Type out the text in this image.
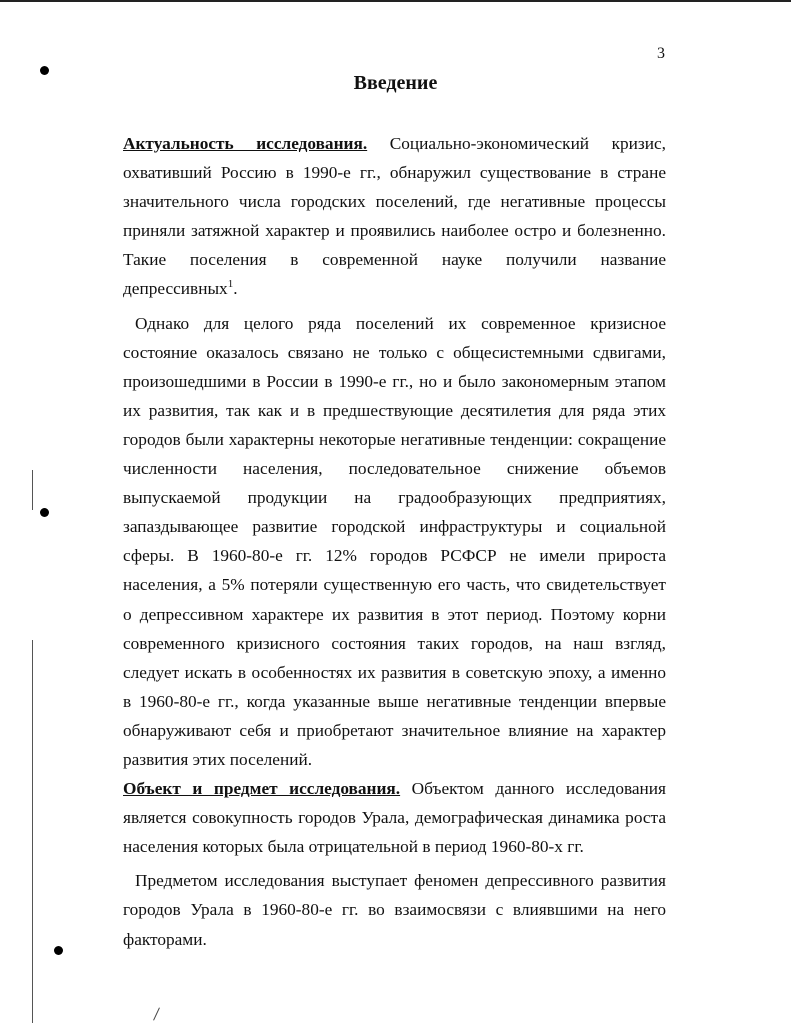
3
Введение

Актуальность исследования. Социально-экономический кризис, охвативший Россию в 1990-е гг., обнаружил существование в стране значительного числа городских поселений, где негативные процессы приняли затяжной характер и проявились наиболее остро и болезненно. Такие поселения в современной науке получили название депрессивных$^1$.

Однако для целого ряда поселений их современное кризисное состояние оказалось связано не только с общесистемными сдвигами, произошедшими в России в 1990-е гг., но и было закономерным этапом их развития, так как и в предшествующие десятилетия для ряда этих городов были характерны некоторые негативные тенденции: сокращение численности населения, последовательное снижение объемов выпускаемой продукции на градообразующих предприятиях, запаздывающее развитие городской инфраструктуры и социальной сферы. В 1960-80-е гг. 12% городов РСФСР не имели прироста населения, а 5% потеряли существенную его часть, что свидетельствует о депрессивном характере их развития в этот период. Поэтому корни современного кризисного состояния таких городов, на наш взгляд, следует искать в особенностях их развития в советскую эпоху, а именно в 1960-80-е гг., когда указанные выше негативные тенденции впервые обнаруживают себя и приобретают значительное влияние на характер развития этих поселений.

Объект и предмет исследования. Объектом данного исследования является совокупность городов Урала, демографическая динамика роста населения которых была отрицательной в период 1960-80-х гг.

Предметом исследования выступает феномен депрессивного развития городов Урала в 1960-80-е гг. во взаимосвязи с влиявшими на него факторами.
